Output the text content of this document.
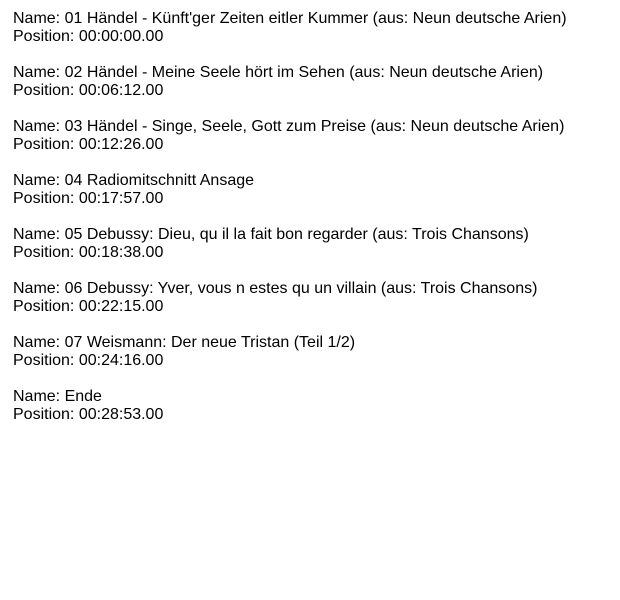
Name: 01 Händel - Künft'ger Zeiten eitler Kummer (aus: Neun deutsche Arien)
Position: 00:00:00.00
Name: 02 Händel - Meine Seele hört im Sehen (aus: Neun deutsche Arien)
Position: 00:06:12.00
Name: 03 Händel - Singe, Seele, Gott zum Preise (aus: Neun deutsche Arien)
Position: 00:12:26.00
Name: 04 Radiomitschnitt Ansage
Position: 00:17:57.00
Name: 05 Debussy: Dieu, qu il la fait bon regarder (aus: Trois Chansons)
Position: 00:18:38.00
Name: 06 Debussy: Yver, vous n estes qu un villain (aus: Trois Chansons)
Position: 00:22:15.00
Name: 07 Weismann: Der neue Tristan (Teil 1/2)
Position: 00:24:16.00
Name: Ende
Position: 00:28:53.00
